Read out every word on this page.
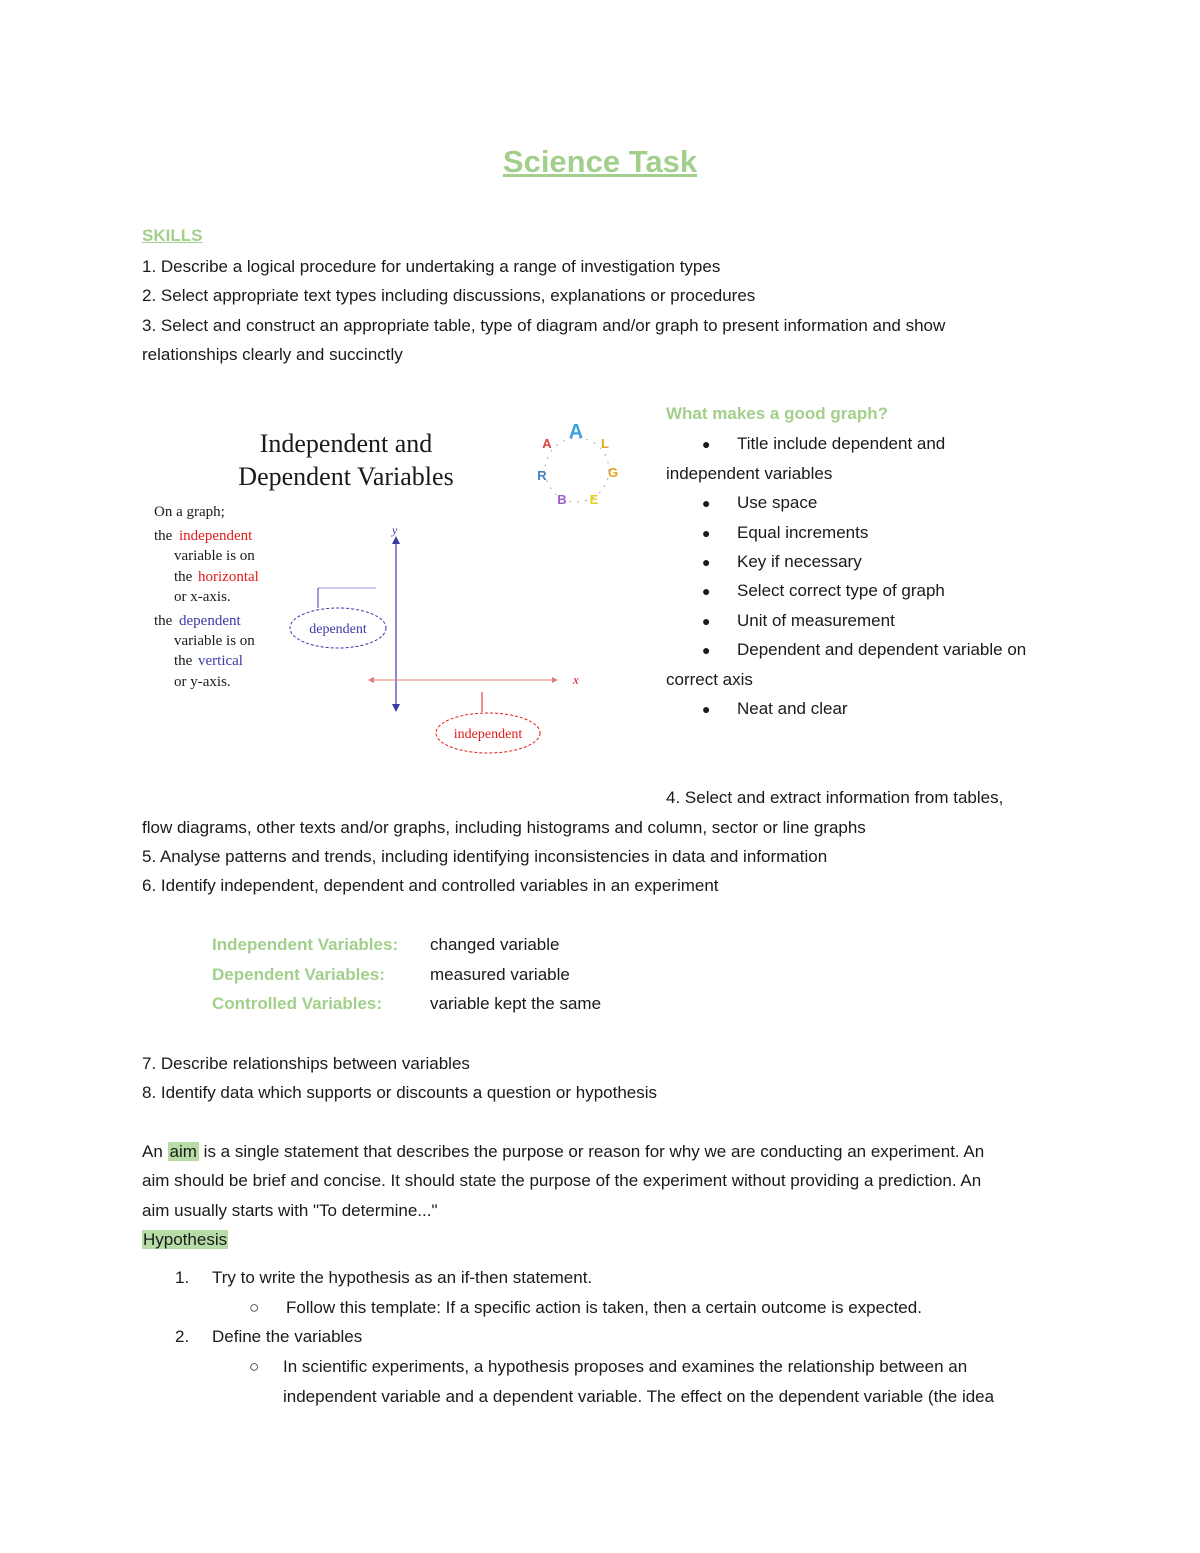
Science Task
SKILLS
1. Describe a logical procedure for undertaking a range of investigation types
2. Select appropriate text types including discussions, explanations or procedures
3. Select and construct an appropriate table, type of diagram and/or graph to present information and show
relationships clearly and succinctly
Independent and
Dependent Variables
On a graph;
the independent
variable is on
the horizontal
or x-axis.
the dependent
variable is on
the vertical
or y-axis.
y
x
dependent
independent
A
L
G
E
B
R
A
What makes a good graph?
● Title include dependent and
independent variables
● Use space
● Equal increments
● Key if necessary
● Select correct type of graph
● Unit of measurement
● Dependent and dependent variable on
correct axis
● Neat and clear
4. Select and extract information from tables,
flow diagrams, other texts and/or graphs, including histograms and column, sector or line graphs
5. Analyse patterns and trends, including identifying inconsistencies in data and information
6. Identify independent, dependent and controlled variables in an experiment
Independent Variables: changed variable
Dependent Variables:	measured variable
Controlled Variables:	variable kept the same
7. Describe relationships between variables
8. Identify data which supports or discounts a question or hypothesis
An aim is a single statement that describes the purpose or reason for why we are conducting an experiment. An
aim should be brief and concise. It should state the purpose of the experiment without providing a prediction. An
aim usually starts with "To determine..."
Hypothesis
1. Try to write the hypothesis as an if-then statement.
○ Follow this template: If a specific action is taken, then a certain outcome is expected.
2. Define the variables
○ In scientific experiments, a hypothesis proposes and examines the relationship between an
independent variable and a dependent variable. The effect on the dependent variable (the idea
